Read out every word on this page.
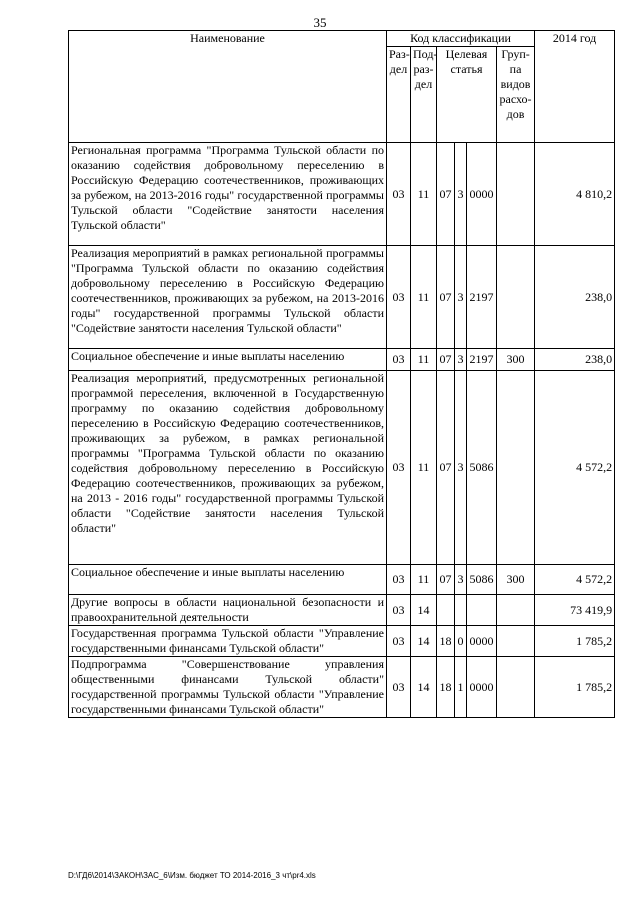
35
Наименование	Код классификации						2014 год
	Раз-дел	Под-раз-дел	Целевая статья			Груп-па видов расхо-дов	

Региональная программа "Программа Тульской области по оказанию содействия добровольному переселению в Российскую Федерацию соотечественников, проживающих за рубежом, на 2013-2016 годы" государственной программы Тульской области "Содействие занятости населения Тульской области"	03	11	07	3	0000		4 810,2

Реализация мероприятий в рамках региональной программы "Программа Тульской области по оказанию содействия добровольному переселению в Российскую Федерацию соотечественников, проживающих за рубежом, на 2013-2016 годы" государственной программы Тульской области "Содействие занятости населения Тульской области"	03	11	07	3	2197		238,0

Социальное обеспечение и иные выплаты населению	03	11	07	3	2197	300	238,0

Реализация мероприятий, предусмотренных региональной программой переселения, включенной в Государственную программу по оказанию содействия добровольному переселению в Российскую Федерацию соотечественников, проживающих за рубежом, в рамках региональной программы "Программа Тульской области по оказанию содействия добровольному переселению в Российскую Федерацию соотечественников, проживающих за рубежом, на 2013 - 2016 годы" государственной программы Тульской области "Содействие занятости населения Тульской области"	03	11	07	3	5086		4 572,2

Социальное обеспечение и иные выплаты населению	03	11	07	3	5086	300	4 572,2

Другие вопросы в области национальной безопасности и правоохранительной деятельности	03	14					73 419,9

Государственная программа Тульской области "Управление государственными финансами Тульской области"	03	14	18	0	0000		1 785,2

Подпрограмма "Совершенствование управления общественными финансами Тульской области" государственной программы Тульской области "Управление государственными финансами Тульской области"	03	14	18	1	0000		1 785,2
D:\ГД6\2014\ЗАКОН\ЗАС_6\Изм. бюджет ТО 2014-2016_3 чт\pr4.xls
